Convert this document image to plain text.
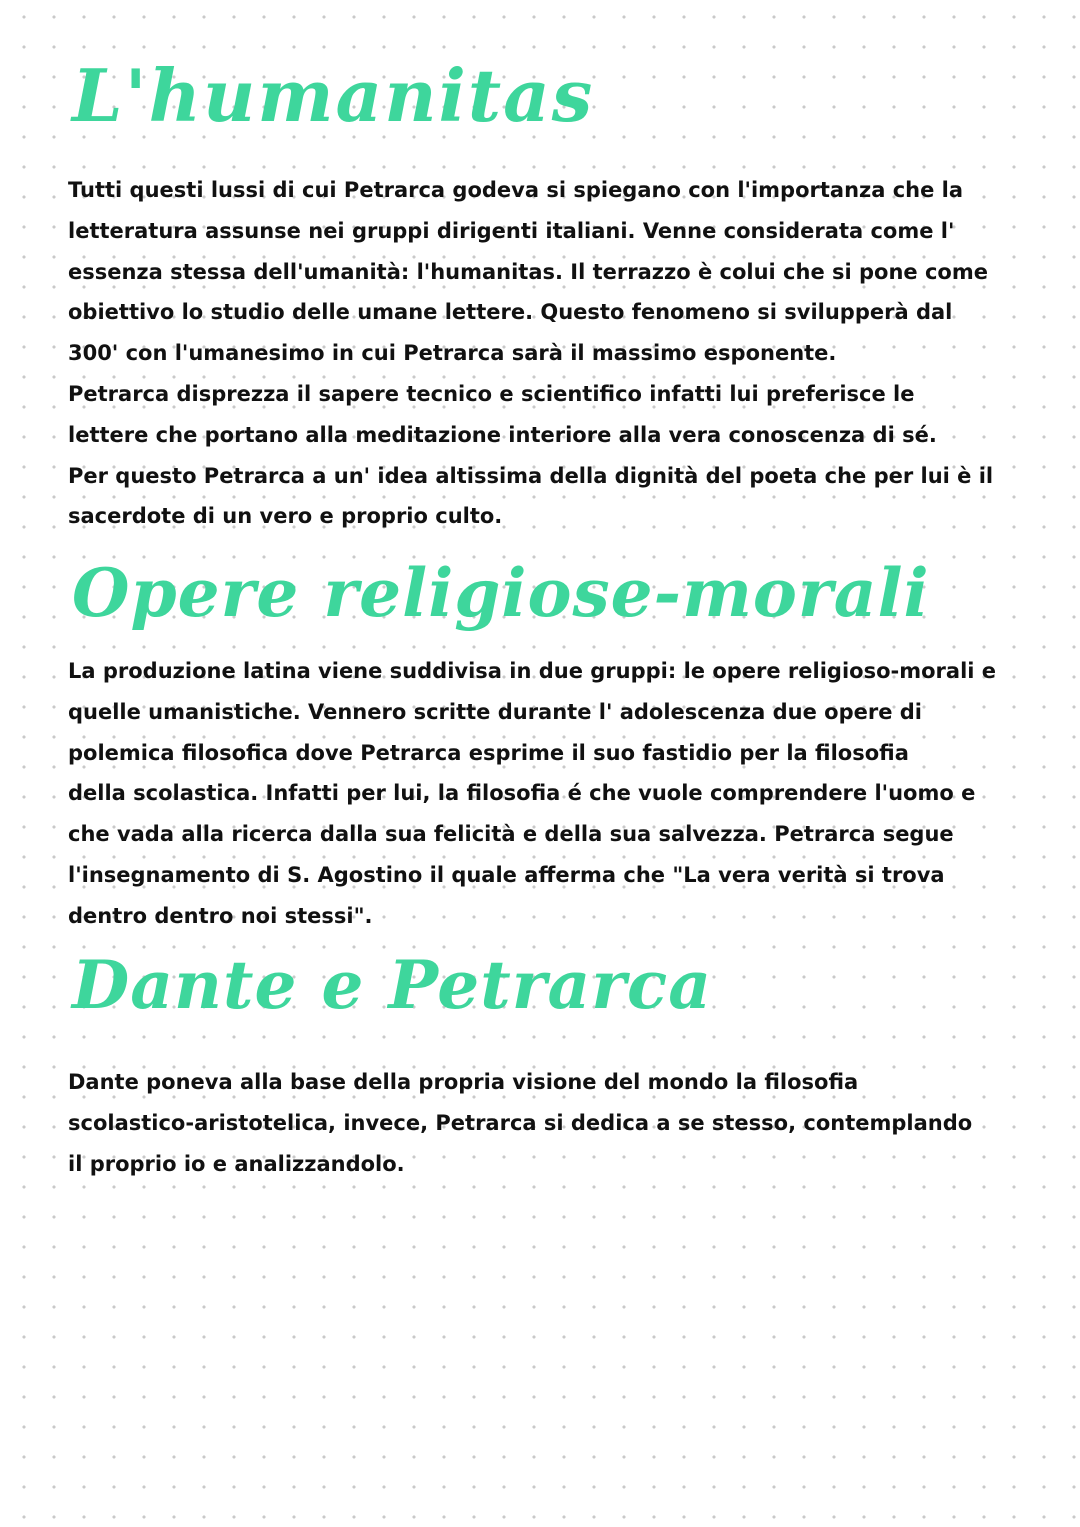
L'humanitas
Tutti questi lussi di cui Petrarca godeva si spiegano con l'importanza che la
letteratura assunse nei gruppi dirigenti italiani. Venne considerata come l'
essenza stessa dell'umanità: l'humanitas. Il terrazzo è colui che si pone come
obiettivo lo studio delle umane lettere. Questo fenomeno si svilupperà dal
300' con l'umanesimo in cui Petrarca sarà il massimo esponente.
Petrarca disprezza il sapere tecnico e scientifico infatti lui preferisce le
lettere che portano alla meditazione interiore alla vera conoscenza di sé.
Per questo Petrarca a un' idea altissima della dignità del poeta che per lui è il
sacerdote di un vero e proprio culto.
Opere religiose-morali
La produzione latina viene suddivisa in due gruppi: le opere religioso-morali e
quelle umanistiche. Vennero scritte durante l' adolescenza due opere di
polemica filosofica dove Petrarca esprime il suo fastidio per la filosofia
della scolastica. Infatti per lui, la filosofia é che vuole comprendere l'uomo e
che vada alla ricerca dalla sua felicità e della sua salvezza. Petrarca segue
l'insegnamento di S. Agostino il quale afferma che "La vera verità si trova
dentro dentro noi stessi".
Dante e Petrarca
Dante poneva alla base della propria visione del mondo la filosofia
scolastico-aristotelica, invece, Petrarca si dedica a se stesso, contemplando
il proprio io e analizzandolo.
